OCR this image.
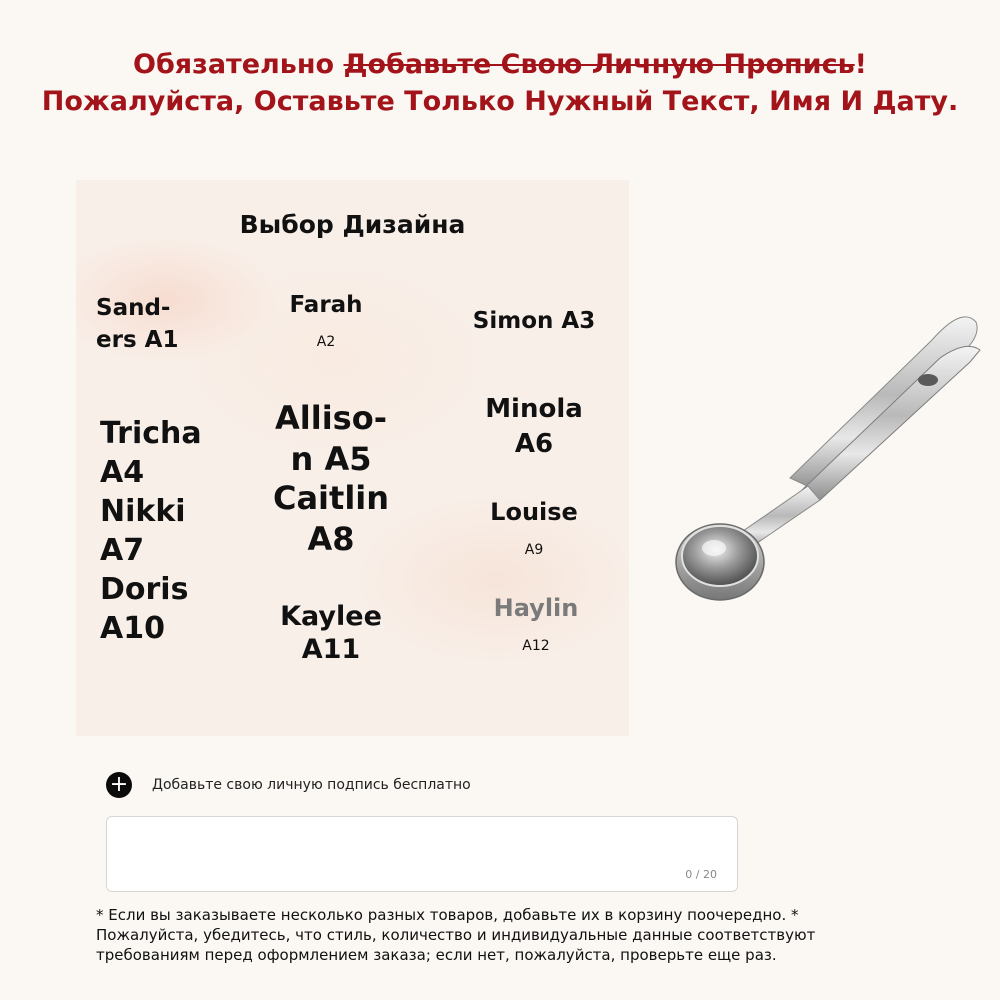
Обязательно Добавьте Свою Личную Пропись!
Пожалуйста, Оставьте Только Нужный Текст, Имя И Дату.
Выбор Дизайна
Sand-
ers A1
Farah
A2
Simon A3
Tricha
A4
Nikki
A7
Doris
A10
Alliso-
n A5
Caitlin
A8
Kaylee
A11
Minola
A6
Louise
A9
Haylin
A12
+ Добавьте свою личную подпись бесплатно
0 / 20
* Если вы заказываете несколько разных товаров, добавьте их в корзину поочередно. *
Пожалуйста, убедитесь, что стиль, количество и индивидуальные данные соответствуют
требованиям перед оформлением заказа; если нет, пожалуйста, проверьте еще раз.
